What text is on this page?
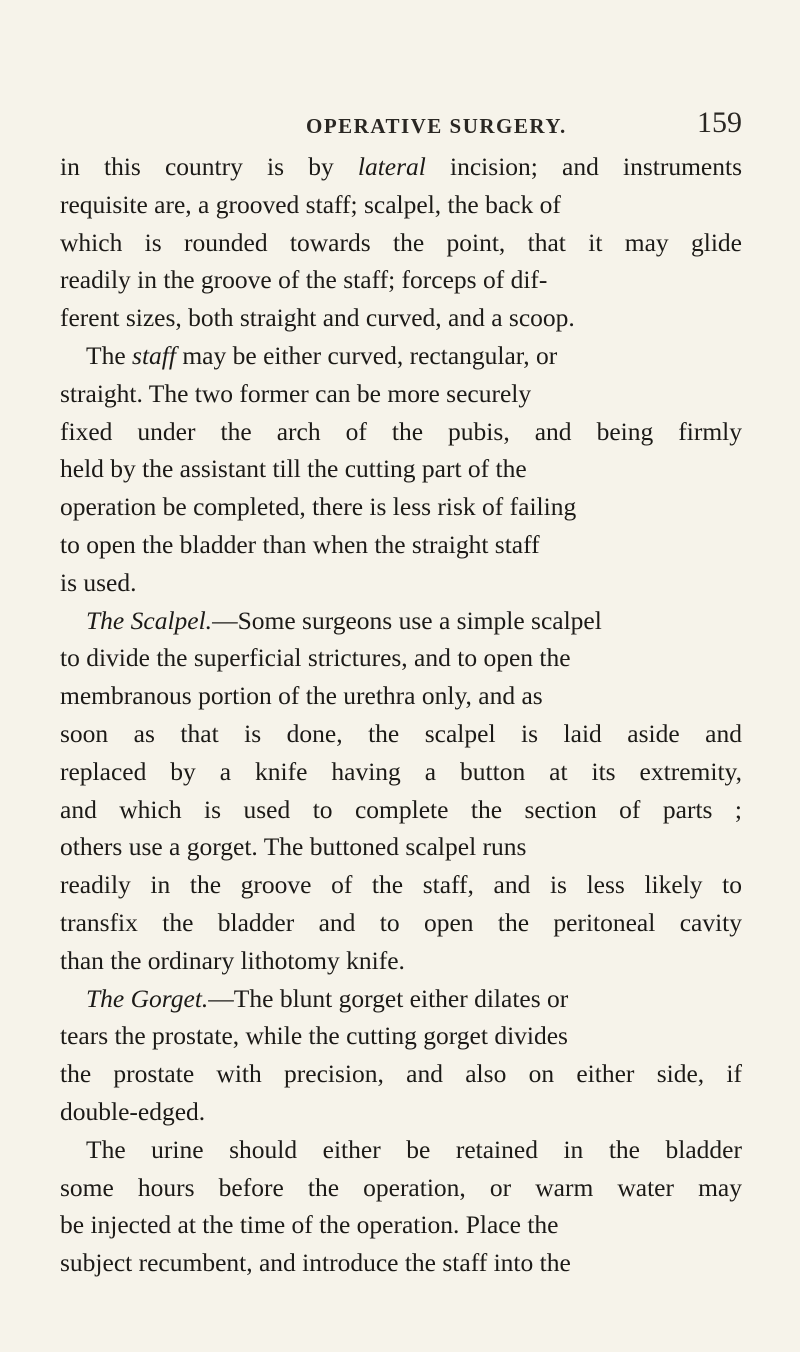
OPERATIVE SURGERY.	159
in this country is by lateral incision; and instruments
requisite are, a grooved staff; scalpel, the back of
which is rounded towards the point, that it may glide
readily in the groove of the staff; forceps of dif-
ferent sizes, both straight and curved, and a scoop.
The staff may be either curved, rectangular, or
straight. The two former can be more securely
fixed under the arch of the pubis, and being firmly
held by the assistant till the cutting part of the
operation be completed, there is less risk of failing
to open the bladder than when the straight staff
is used.
The Scalpel.—Some surgeons use a simple scalpel
to divide the superficial strictures, and to open the
membranous portion of the urethra only, and as
soon as that is done, the scalpel is laid aside and
replaced by a knife having a button at its extremity,
and which is used to complete the section of parts ;
others use a gorget. The buttoned scalpel runs
readily in the groove of the staff, and is less likely to
transfix the bladder and to open the peritoneal cavity
than the ordinary lithotomy knife.
The Gorget.—The blunt gorget either dilates or
tears the prostate, while the cutting gorget divides
the prostate with precision, and also on either side, if
double-edged.
The urine should either be retained in the bladder
some hours before the operation, or warm water may
be injected at the time of the operation. Place the
subject recumbent, and introduce the staff into the
